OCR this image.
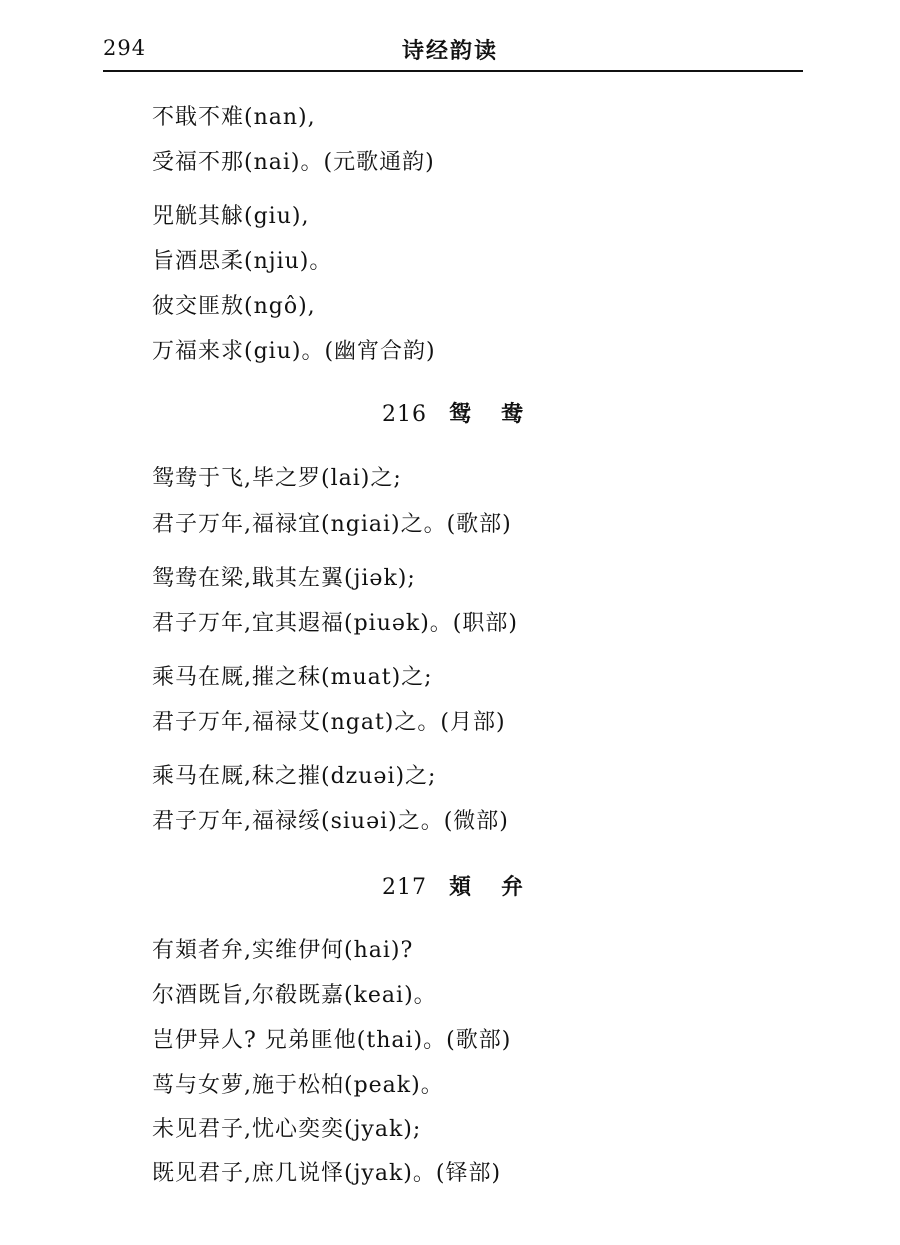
294	诗经韵读
不戢不难(nan),
受福不那(nai)。(元歌通韵)
兕觥其觩(giu),
旨酒思柔(njiu)。
彼交匪敖(ngô),
万福来求(giu)。(幽宵合韵)
216 鸳鸯
鸳鸯于飞,毕之罗(lai)之;
君子万年,福禄宜(ngiai)之。(歌部)
鸳鸯在梁,戢其左翼(jiək);
君子万年,宜其遐福(piuək)。(职部)
乘马在厩,摧之秣(muat)之;
君子万年,福禄艾(ngat)之。(月部)
乘马在厩,秣之摧(dzuəi)之;
君子万年,福禄绥(siuəi)之。(微部)
217 頍弁
有頍者弁,实维伊何(hai)?
尔酒既旨,尔殽既嘉(keai)。
岂伊异人? 兄弟匪他(thai)。(歌部)
茑与女萝,施于松柏(peak)。
未见君子,忧心奕奕(jyak);
既见君子,庶几说怿(jyak)。(铎部)
